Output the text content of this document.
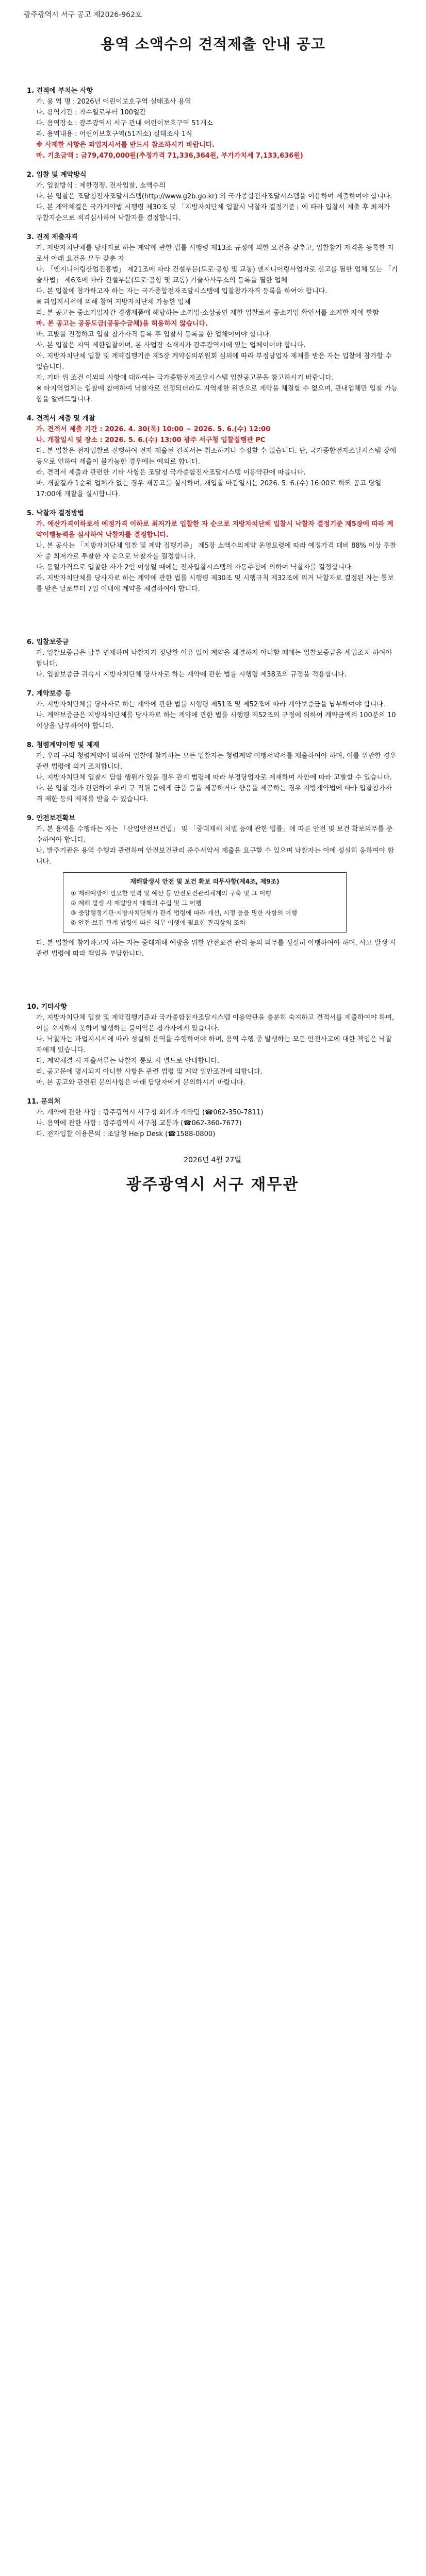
광주광역시 서구 공고 제2026-962호
용역 소액수의 견적제출 안내 공고
1. 견적에 부치는 사항
가. 용 역 명 : 2026년 어린이보호구역 실태조사 용역
나. 용역기간 : 착수일로부터 100일간
다. 용역장소 : 광주광역시 서구 관내 어린이보호구역 51개소
라. 용역내용 : 어린이보호구역(51개소) 실태조사 1식
※ 사제한 사항은 과업지시서를 반드시 참조하시기 바랍니다.
마. 기초금액 : 금79,470,000원(추정가격 71,336,364원, 부가가치세 7,133,636원)
2. 입찰 및 계약방식
가. 입찰방식 : 제한경쟁, 전자입찰, 소액수의
나. 본 입찰은 조달청전자조달시스템(http://www.g2b.go.kr) 의 국가종합전자조달시스템을 이용하여 제출하여야 합니다.
다. 본 계약체결은 국가계약법 시행령 제30조 및 「지방자치단체 입찰시 낙찰자 결정기준」에 따라 입찰서 제출 후 최저가 투찰자순으로 적격심사하여 낙찰자를 결정합니다.
3. 견적 제출자격
가. 지방자치단체를 당사자로 하는 계약에 관한 법률 시행령 제13조 규정에 의한 요건을 갖추고, 입찰참가 자격을 등록한 자로서 아래 요건을 모두 갖춘 자
나. 「엔지니어링산업진흥법」 제21조에 따라 건설부문(도로·공항 및 교통) 엔지니어링사업자로 신고를 필한 업체 또는 「기술사법」 제6조에 따라 건설부문(도로·공항 및 교통) 기술사사무소의 등록을 필한 업체
다. 본 입찰에 참가하고자 하는 자는 국가종합전자조달시스템에 입찰참가자격 등록을 하여야 합니다.
※ 과업지시서에 의해 참여 지방자치단체 가능한 업체
라. 본 공고는 중소기업자간 경쟁제품에 해당하는 소기업·소상공인 제한 입찰로서 중소기업 확인서를 소지한 자에 한함
마. 본 공고는 공동도급(공동수급체)을 허용하지 않습니다.
바. 고발을 진정하고 입찰 참가자격 등록 후 입찰서 등록을 한 업체이어야 합니다.
사. 본 입찰은 지역 제한입찰이며, 본 사업장 소재지가 광주광역시에 있는 업체이어야 합니다.
아. 지방자치단체 입찰 및 계약집행기준 제5장 계약심의위원회 심의에 따라 부정당업자 제재를 받은 자는 입찰에 참가할 수 없습니다.
자. 기타 위 조건 이외의 사항에 대하여는 국가종합전자조달시스템 입찰공고문을 참고하시기 바랍니다.
※ 타지역업체는 입찰에 참여하여 낙찰자로 선정되더라도 지역제한 위반으로 계약을 체결할 수 없으며, 관내업체만 입찰 가능함을 알려드립니다.
4. 견적서 제출 및 개찰
가. 견적서 제출 기간 : 2026. 4. 30(목) 10:00 ~ 2026. 5. 6.(수) 12:00
나. 개찰일시 및 장소 : 2026. 5. 6.(수) 13:00 광주 서구청 입찰집행관 PC
다. 본 입찰은 전자입찰로 진행하여 전자 제출된 견적서는 취소하거나 수정할 수 없습니다. 단, 국가종합전자조달시스템 장애 등으로 인하여 제출이 불가능한 경우에는 예외로 합니다.
라. 견적서 제출과 관련한 기타 사항은 조달청 국가종합전자조달시스템 이용약관에 따릅니다.
마. 개찰결과 1순위 업체가 없는 경우 재공고를 실시하며, 재입찰 마감일시는 2026. 5. 6.(수) 16:00로 하되 공고 당일 17:00에 개찰을 실시합니다.
5. 낙찰자 결정방법
가. 예산가격이하로서 예정가격 이하로 최저가로 입찰한 자 순으로 지방자치단체 입찰시 낙찰자 결정기준 제5장에 따라 계약이행능력을 심사하여 낙찰자를 결정합니다.
나. 본 공사는 「지방자치단체 입찰 및 계약 집행기준」 제5장 소액수의계약 운영요령에 따라 예정가격 대비 88% 이상 투찰자 중 최저가로 투찰한 자 순으로 낙찰자를 결정합니다.
다. 동일가격으로 입찰한 자가 2인 이상일 때에는 전자입찰시스템의 자동추첨에 의하여 낙찰자를 결정합니다.
라. 지방자치단체를 당사자로 하는 계약에 관한 법률 시행령 제30조 및 시행규칙 제32조에 의거 낙찰자로 결정된 자는 통보를 받은 날로부터 7일 이내에 계약을 체결하여야 합니다.
6. 입찰보증금
가. 입찰보증금은 납부 면제하며 낙찰자가 정당한 이유 없이 계약을 체결하지 아니할 때에는 입찰보증금을 세입조치 하여야 합니다.
나. 입찰보증금 귀속시 지방자치단체 당사자로 하는 계약에 관한 법률 시행령 제38조의 규정을 적용합니다.
7. 계약보증 등
가. 지방자치단체를 당사자로 하는 계약에 관한 법률 시행령 제51조 및 제52조에 따라 계약보증금을 납부하여야 합니다.
나. 계약보증금은 지방자치단체를 당사자로 하는 계약에 관한 법률 시행령 제52조의 규정에 의하여 계약금액의 100분의 10 이상을 납부하여야 합니다.
8. 청렴계약이행 및 제재
가. 우리 구의 청렴계약에 의하여 입찰에 참가하는 모든 입찰자는 청렴계약 이행서약서를 제출하여야 하며, 이를 위반한 경우 관련 법령에 의거 조치합니다.
나. 지방자치단체 입찰시 담합 행위가 있을 경우 관계 법령에 따라 부정당업자로 제재하며 사안에 따라 고발할 수 있습니다.
다. 본 입찰 건과 관련하여 우리 구 직원 등에게 금품 등을 제공하거나 향응을 제공하는 경우 지방계약법에 따라 입찰참가자격 제한 등의 제재를 받을 수 있습니다.
9. 안전보건확보
가. 본 용역을 수행하는 자는 「산업안전보건법」 및 「중대재해 처벌 등에 관한 법률」에 따른 안전 및 보건 확보의무를 준수하여야 합니다.
나. 발주기관은 용역 수행과 관련하여 안전보건관리 준수서약서 제출을 요구할 수 있으며 낙찰자는 이에 성실히 응하여야 합니다.
재해발생시 안전 및 보건 확보 의무사항(제4조, 제9조)
① 재해예방에 필요한 인력 및 예산 등 안전보건관리체계의 구축 및 그 이행
② 재해 발생 시 재발방지 대책의 수립 및 그 이행
③ 중앙행정기관·지방자치단체가 관계 법령에 따라 개선, 시정 등을 명한 사항의 이행
④ 안전·보건 관계 법령에 따른 의무 이행에 필요한 관리상의 조치
다. 본 입찰에 참가하고자 하는 자는 중대재해 예방을 위한 안전보건 관리 등의 의무를 성실히 이행하여야 하며, 사고 발생 시 관련 법령에 따라 책임을 부담합니다.
10. 기타사항
가. 지방자치단체 입찰 및 계약집행기준과 국가종합전자조달시스템 이용약관을 충분히 숙지하고 견적서를 제출하여야 하며, 이를 숙지하지 못하여 발생하는 불이익은 참가자에게 있습니다.
나. 낙찰자는 과업지시서에 따라 성실히 용역을 수행하여야 하며, 용역 수행 중 발생하는 모든 안전사고에 대한 책임은 낙찰자에게 있습니다.
다. 계약체결 시 제출서류는 낙찰자 통보 시 별도로 안내합니다.
라. 공고문에 명시되지 아니한 사항은 관련 법령 및 계약 일반조건에 의합니다.
마. 본 공고와 관련된 문의사항은 아래 담당자에게 문의하시기 바랍니다.
11. 문의처
가. 계약에 관한 사항 : 광주광역시 서구청 회계과 계약팀 (☎062-350-7811)
나. 용역에 관한 사항 : 광주광역시 서구청 교통과 (☎062-360-7677)
다. 전자입찰 이용문의 : 조달청 Help Desk (☎1588-0800)
2026년 4월 27일
광주광역시 서구 재무관
